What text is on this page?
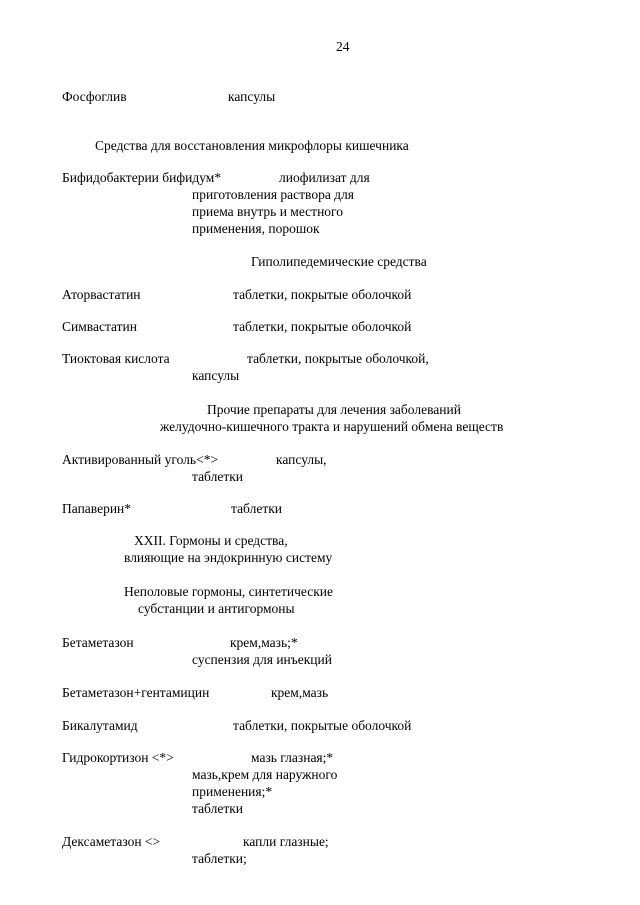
24
Фосфоглив	капсулы
Средства для восстановления микрофлоры кишечника
Бифидобактерии бифидум*	лиофилизат для
приготовления раствора для
приема внутрь и местного
применения, порошок
Гиполипедемические средства
Аторвастатин	таблетки, покрытые оболочкой
Симвастатин	таблетки, покрытые оболочкой
Тиоктовая кислота	таблетки, покрытые оболочкой,
капсулы
Прочие препараты для лечения заболеваний
желудочно-кишечного тракта и нарушений обмена веществ
Активированный уголь<*>	капсулы,
таблетки
Папаверин*	таблетки
XXII. Гормоны и средства,
влияющие на эндокринную систему
Неполовые гормоны, синтетические
субстанции и антигормоны
Бетаметазон	крем,мазь;*
суспензия для инъекций
Бетаметазон+гентамицин	крем,мазь
Бикалутамид	таблетки, покрытые оболочкой
Гидрокортизон <*>	мазь глазная;*
мазь,крем для наружного
применения;*
таблетки
Дексаметазон <>	капли глазные;
таблетки;
